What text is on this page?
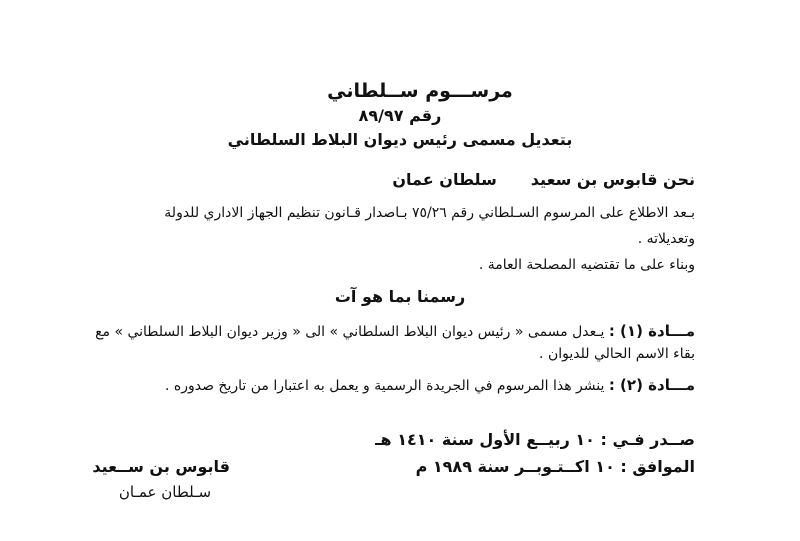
مرســـوم ســلطاني

رقم ٨٩/٩٧

بتعديل مسمى رئيس ديوان البلاط السلطاني

نحن قابوس بن سعيدسلطان عمان

بـعد الاطلاع على المرسوم السـلطاني رقم ٧٥/٢٦ بـاصدار قـانون تنظيم الجهاز الاداري للدولة

وتعديلاته .

وبناء على ما تقتضيه المصلحة العامة .

رسمنا بما هو آت

مـــادة (١) : يـعدل مسمى « رئيس ديوان البلاط السلطاني » الى « وزير ديوان البلاط السلطاني » مع

بقاء الاسم الحالي للديوان .

مـــادة (٢) : ينشر هذا المرسوم في الجريدة الرسمية و يعمل به اعتبارا من تاريخ صدوره .

صــدر فـي : ١٠ ربيــع الأول سنة ١٤١٠ هـ

الموافق : ١٠ اكــتـوبــر سنة ١٩٨٩ م

قابوس بن ســعيد

سـلطان عمـان
